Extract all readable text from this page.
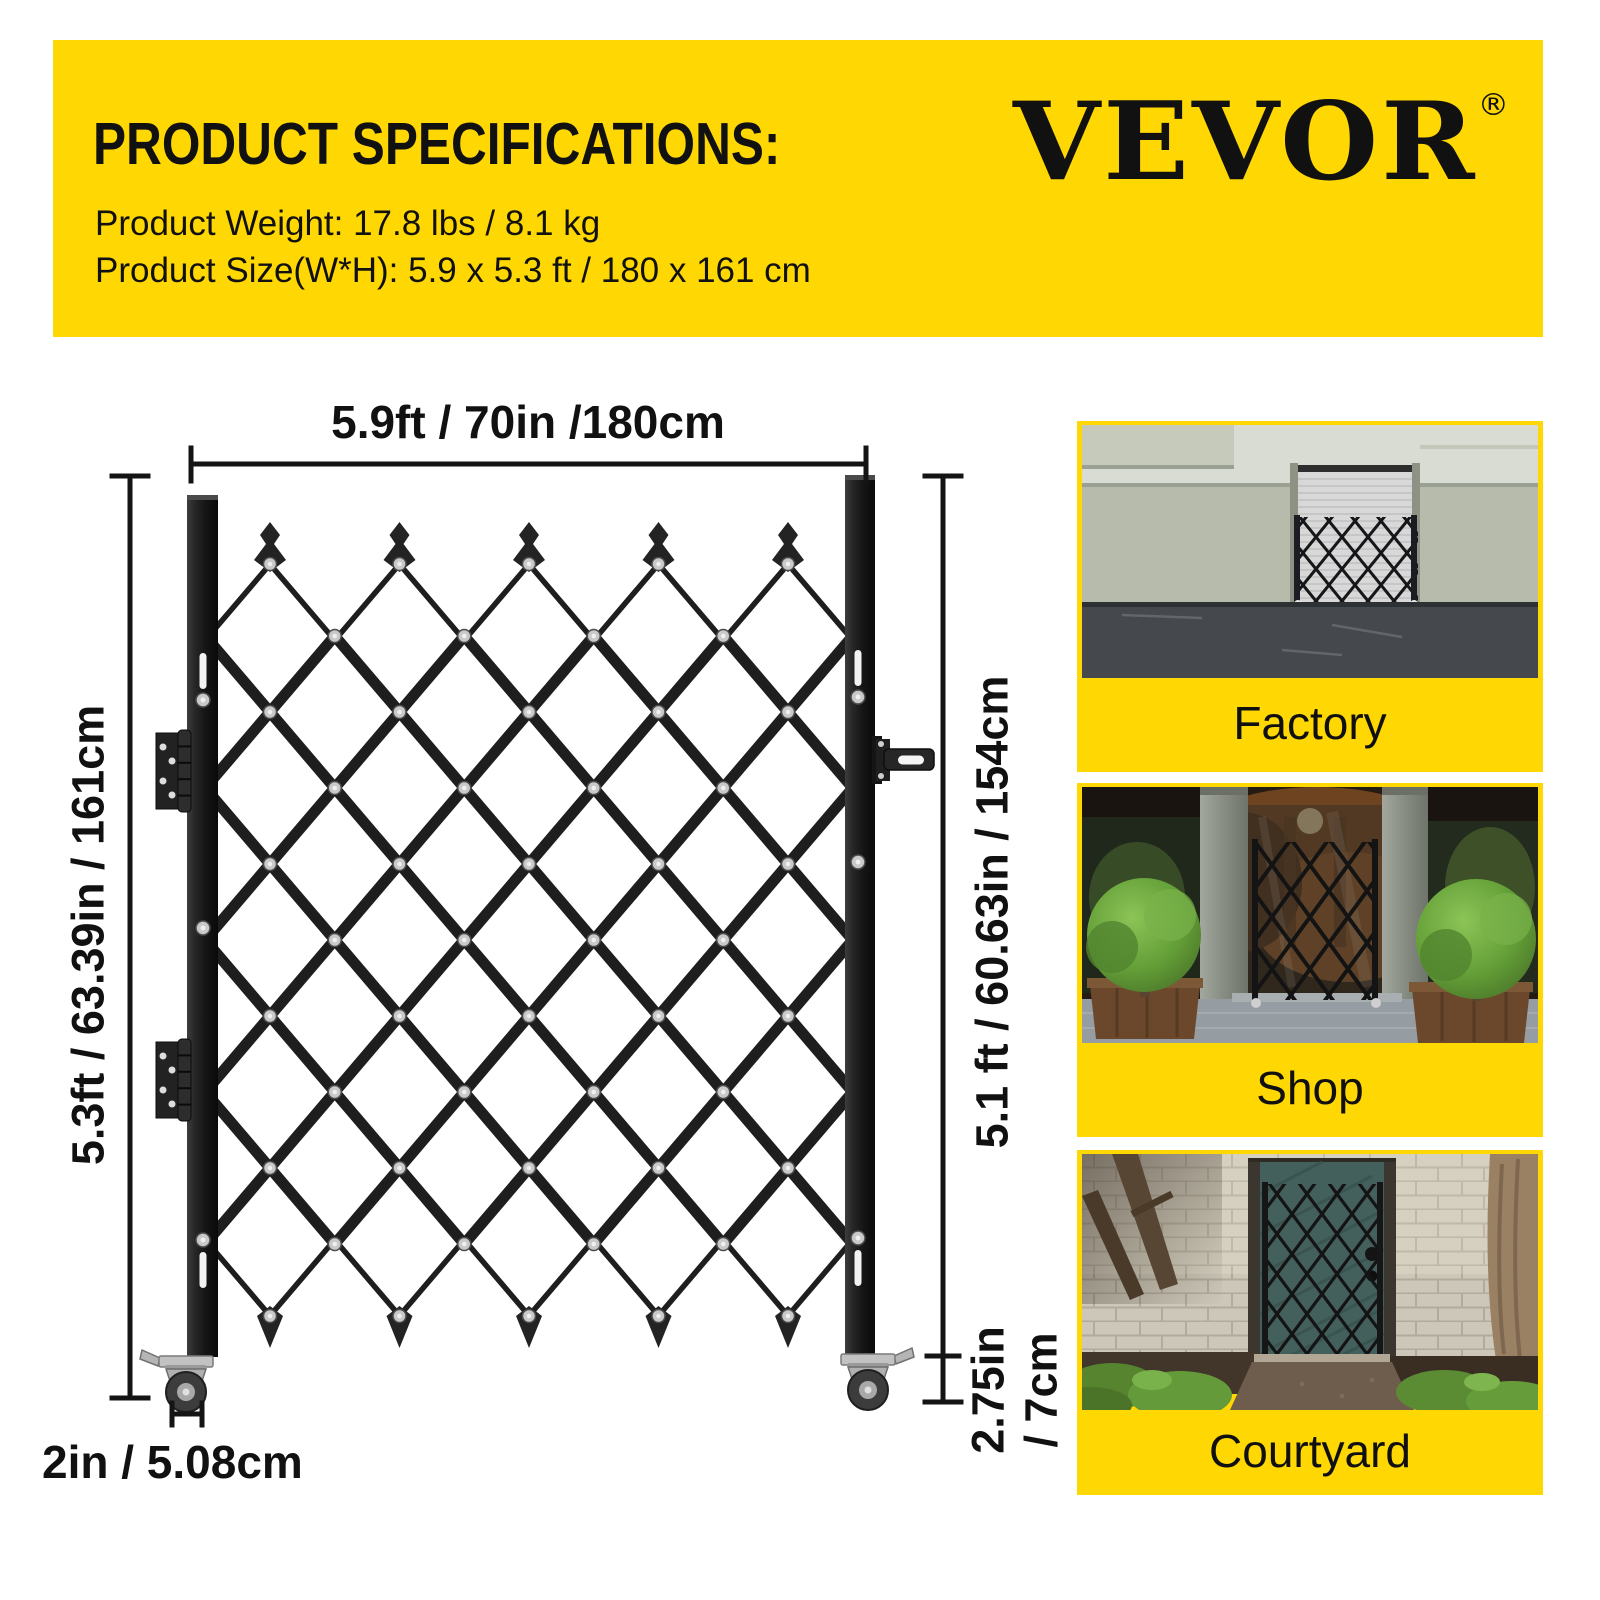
PRODUCT SPECIFICATIONS:
Product Weight: 17.8 lbs / 8.1 kg
Product Size(W*H): 5.9 x 5.3 ft / 180 x 161 cm
VEVOR®
5.9ft / 70in /180cm
5.3ft / 63.39in / 161cm	5.1 ft / 60.63in / 154cm
2.75in / 7cm
2in / 5.08cm
Factory
Shop
Courtyard
